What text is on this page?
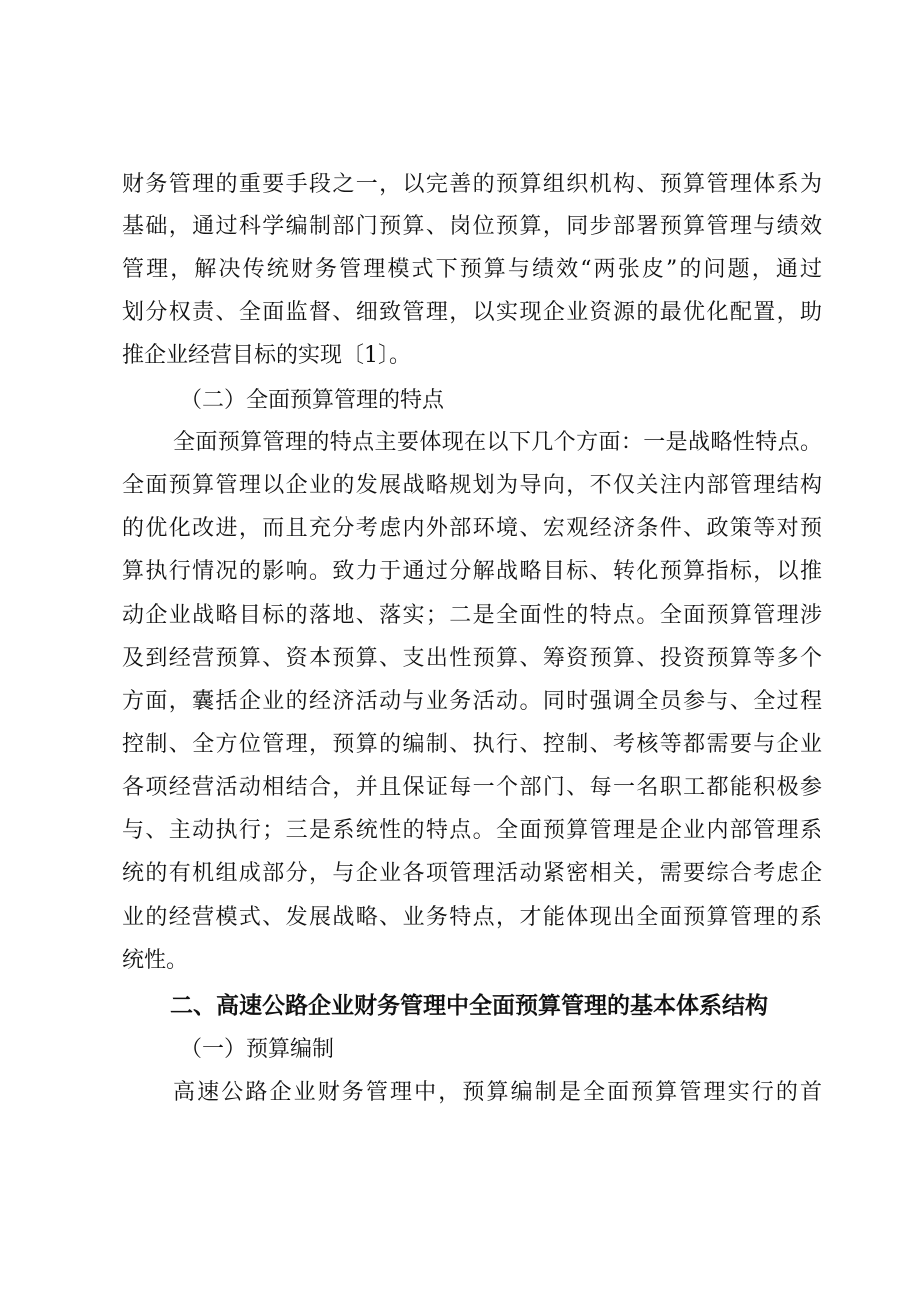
财务管理的重要手段之一，以完善的预算组织机构、预算管理体系为
基础，通过科学编制部门预算、岗位预算，同步部署预算管理与绩效
管理，解决传统财务管理模式下预算与绩效“两张皮”的问题，通过
划分权责、全面监督、细致管理，以实现企业资源的最优化配置，助
推企业经营目标的实现〔1〕。
（二）全面预算管理的特点
全面预算管理的特点主要体现在以下几个方面：一是战略性特点。
全面预算管理以企业的发展战略规划为导向，不仅关注内部管理结构
的优化改进，而且充分考虑内外部环境、宏观经济条件、政策等对预
算执行情况的影响。致力于通过分解战略目标、转化预算指标，以推
动企业战略目标的落地、落实；二是全面性的特点。全面预算管理涉
及到经营预算、资本预算、支出性预算、筹资预算、投资预算等多个
方面，囊括企业的经济活动与业务活动。同时强调全员参与、全过程
控制、全方位管理，预算的编制、执行、控制、考核等都需要与企业
各项经营活动相结合，并且保证每一个部门、每一名职工都能积极参
与、主动执行；三是系统性的特点。全面预算管理是企业内部管理系
统的有机组成部分，与企业各项管理活动紧密相关，需要综合考虑企
业的经营模式、发展战略、业务特点，才能体现出全面预算管理的系
统性。
二、高速公路企业财务管理中全面预算管理的基本体系结构
（一）预算编制
高速公路企业财务管理中，预算编制是全面预算管理实行的首
